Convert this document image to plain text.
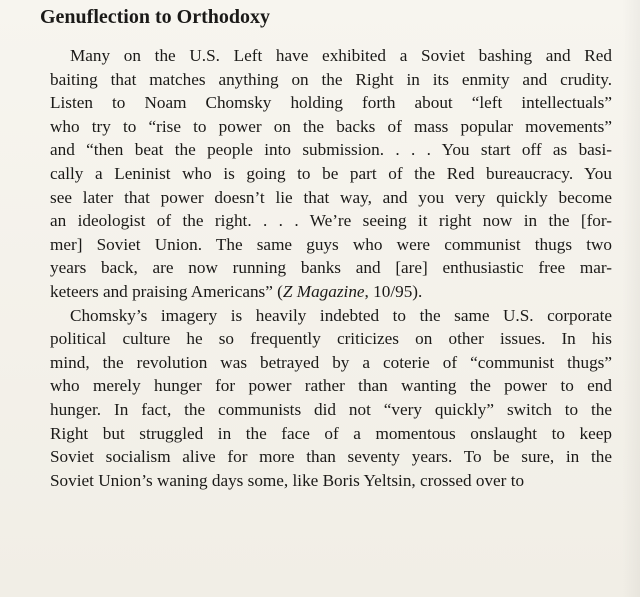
Genuflection to Orthodoxy

Many on the U.S. Left have exhibited a Soviet bashing and Red
baiting that matches anything on the Right in its enmity and crudity.
Listen to Noam Chomsky holding forth about “left intellectuals”
who try to “rise to power on the backs of mass popular movements”
and “then beat the people into submission. . . . You start off as basi-
cally a Leninist who is going to be part of the Red bureaucracy. You
see later that power doesn’t lie that way, and you very quickly become
an ideologist of the right. . . . We’re seeing it right now in the [for-
mer] Soviet Union. The same guys who were communist thugs two
years back, are now running banks and [are] enthusiastic free mar-
keteers and praising Americans” (Z Magazine, 10/95).

Chomsky’s imagery is heavily indebted to the same U.S. corporate
political culture he so frequently criticizes on other issues. In his
mind, the revolution was betrayed by a coterie of “communist thugs”
who merely hunger for power rather than wanting the power to end
hunger. In fact, the communists did not “very quickly” switch to the
Right but struggled in the face of a momentous onslaught to keep
Soviet socialism alive for more than seventy years. To be sure, in the
Soviet Union’s waning days some, like Boris Yeltsin, crossed over to
